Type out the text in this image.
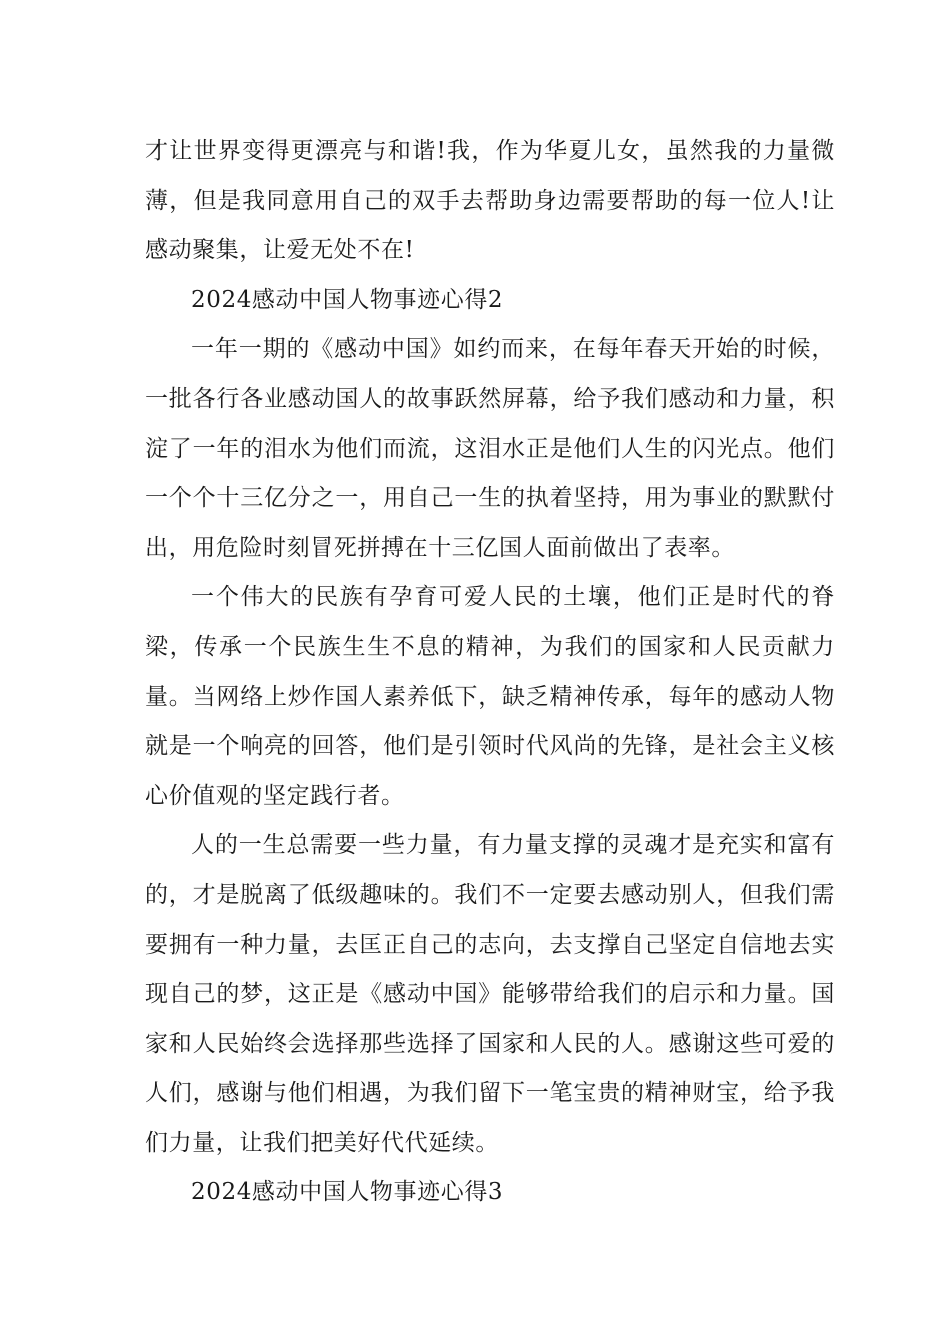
才让世界变得更漂亮与和谐!我，作为华夏儿女，虽然我的力量微薄，但是我同意用自己的双手去帮助身边需要帮助的每一位人!让感动聚集，让爱无处不在!

2024感动中国人物事迹心得2

一年一期的《感动中国》如约而来，在每年春天开始的时候，一批各行各业感动国人的故事跃然屏幕，给予我们感动和力量，积淀了一年的泪水为他们而流，这泪水正是他们人生的闪光点。他们一个个十三亿分之一，用自己一生的执着坚持，用为事业的默默付出，用危险时刻冒死拼搏在十三亿国人面前做出了表率。

一个伟大的民族有孕育可爱人民的土壤，他们正是时代的脊梁，传承一个民族生生不息的精神，为我们的国家和人民贡献力量。当网络上炒作国人素养低下，缺乏精神传承，每年的感动人物就是一个响亮的回答，他们是引领时代风尚的先锋，是社会主义核心价值观的坚定践行者。

人的一生总需要一些力量，有力量支撑的灵魂才是充实和富有的，才是脱离了低级趣味的。我们不一定要去感动别人，但我们需要拥有一种力量，去匡正自己的志向，去支撑自己坚定自信地去实现自己的梦，这正是《感动中国》能够带给我们的启示和力量。国家和人民始终会选择那些选择了国家和人民的人。感谢这些可爱的人们，感谢与他们相遇，为我们留下一笔宝贵的精神财宝，给予我们力量，让我们把美好代代延续。

2024感动中国人物事迹心得3
